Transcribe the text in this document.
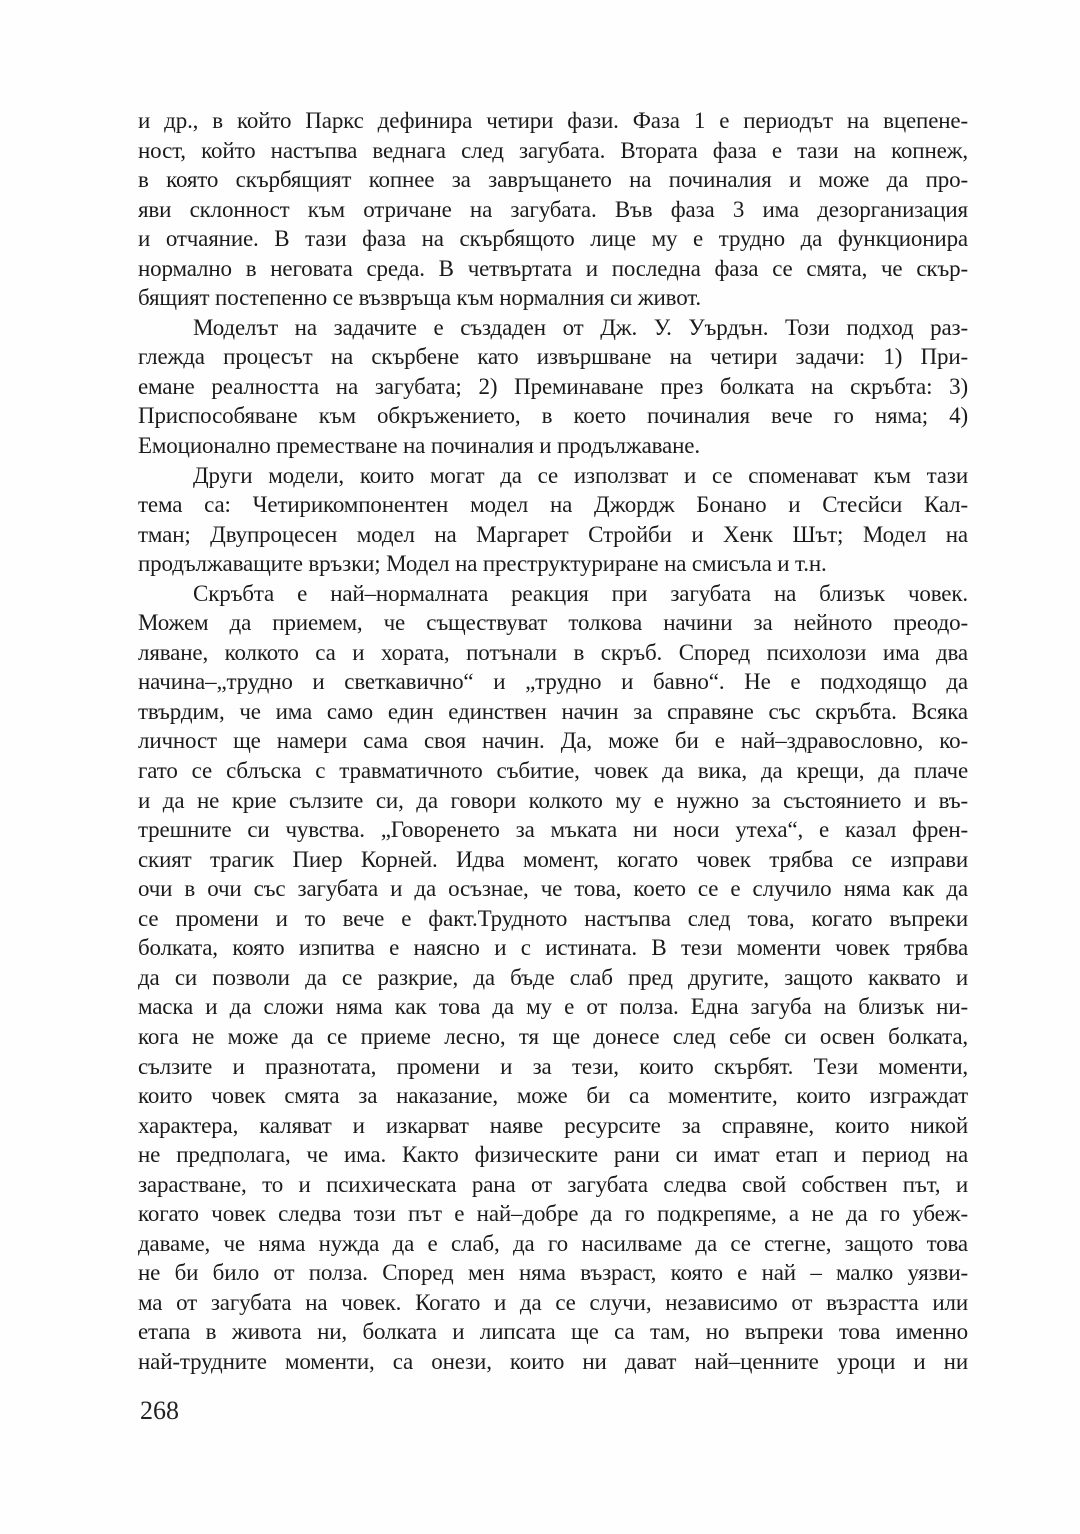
и др., в който Паркс дефинира четири фази. Фаза 1 е периодът на вцепене-
ност, който настъпва веднага след загубата. Втората фаза е тази на копнеж,
в която скърбящият копнее за завръщането на починалия и може да про-
яви склонност към отричане на загубата. Във фаза 3 има дезорганизация
и отчаяние. В тази фаза на скърбящото лице му е трудно да функционира
нормално в неговата среда. В четвъртата и последна фаза се смята, че скър-
бящият постепенно се възвръща към нормалния си живот.
Моделът на задачите е създаден от Дж. У. Уърдън. Този подход раз-
глежда процесът на скърбене като извършване на четири задачи: 1) При-
емане реалността на загубата; 2) Преминаване през болката на скръбта: 3)
Приспособяване към обкръжението, в което починалия вече го няма; 4)
Емоционално преместване на починалия и продължаване.
Други модели, които могат да се използват и се споменават към тази
тема са: Четирикомпонентен модел на Джордж Бонано и Стесйси Кал-
тман; Двупроцесен модел на Маргарет Стройби и Хенк Шът; Модел на
продължаващите връзки; Модел на преструктуриране на смисъла и т.н.
Скръбта е най–нормалната реакция при загубата на близък човек.
Можем да приемем, че съществуват толкова начини за нейното преодо-
ляване, колкото са и хората, потънали в скръб. Според психолози има два
начина–„трудно и светкавично“ и „трудно и бавно“. Не е подходящо да
твърдим, че има само един единствен начин за справяне със скръбта. Всяка
личност ще намери сама своя начин. Да, може би е най–здравословно, ко-
гато се сблъска с травматичното събитие, човек да вика, да крещи, да плаче
и да не крие сълзите си, да говори колкото му е нужно за състоянието и въ-
трешните си чувства. „Говоренето за мъката ни носи утеха“, е казал френ-
ският трагик Пиер Корней. Идва момент, когато човек трябва се изправи
очи в очи със загубата и да осъзнае, че това, което се е случило няма как да
се промени и то вече е факт.Трудното настъпва след това, когато въпреки
болката, която изпитва е наясно и с истината. В тези моменти човек трябва
да си позволи да се разкрие, да бъде слаб пред другите, защото каквато и
маска и да сложи няма как това да му е от полза. Една загуба на близък ни-
кога не може да се приеме лесно, тя ще донесе след себе си освен болката,
сълзите и празнотата, промени и за тези, които скърбят. Тези моменти,
които човек смята за наказание, може би са моментите, които изграждат
характера, каляват и изкарват наяве ресурсите за справяне, които никой
не предполага, че има. Както физическите рани си имат етап и период на
зарастване, то и психическата рана от загубата следва свой собствен път, и
когато човек следва този път е най–добре да го подкрепяме, а не да го убеж-
даваме, че няма нужда да е слаб, да го насилваме да се стегне, защото това
не би било от полза. Според мен няма възраст, която е най – малко уязви-
ма от загубата на човек. Когато и да се случи, независимо от възрастта или
етапа в живота ни, болката и липсата ще са там, но въпреки това именно
най-трудните моменти, са онези, които ни дават най–ценните уроци и ни
268
